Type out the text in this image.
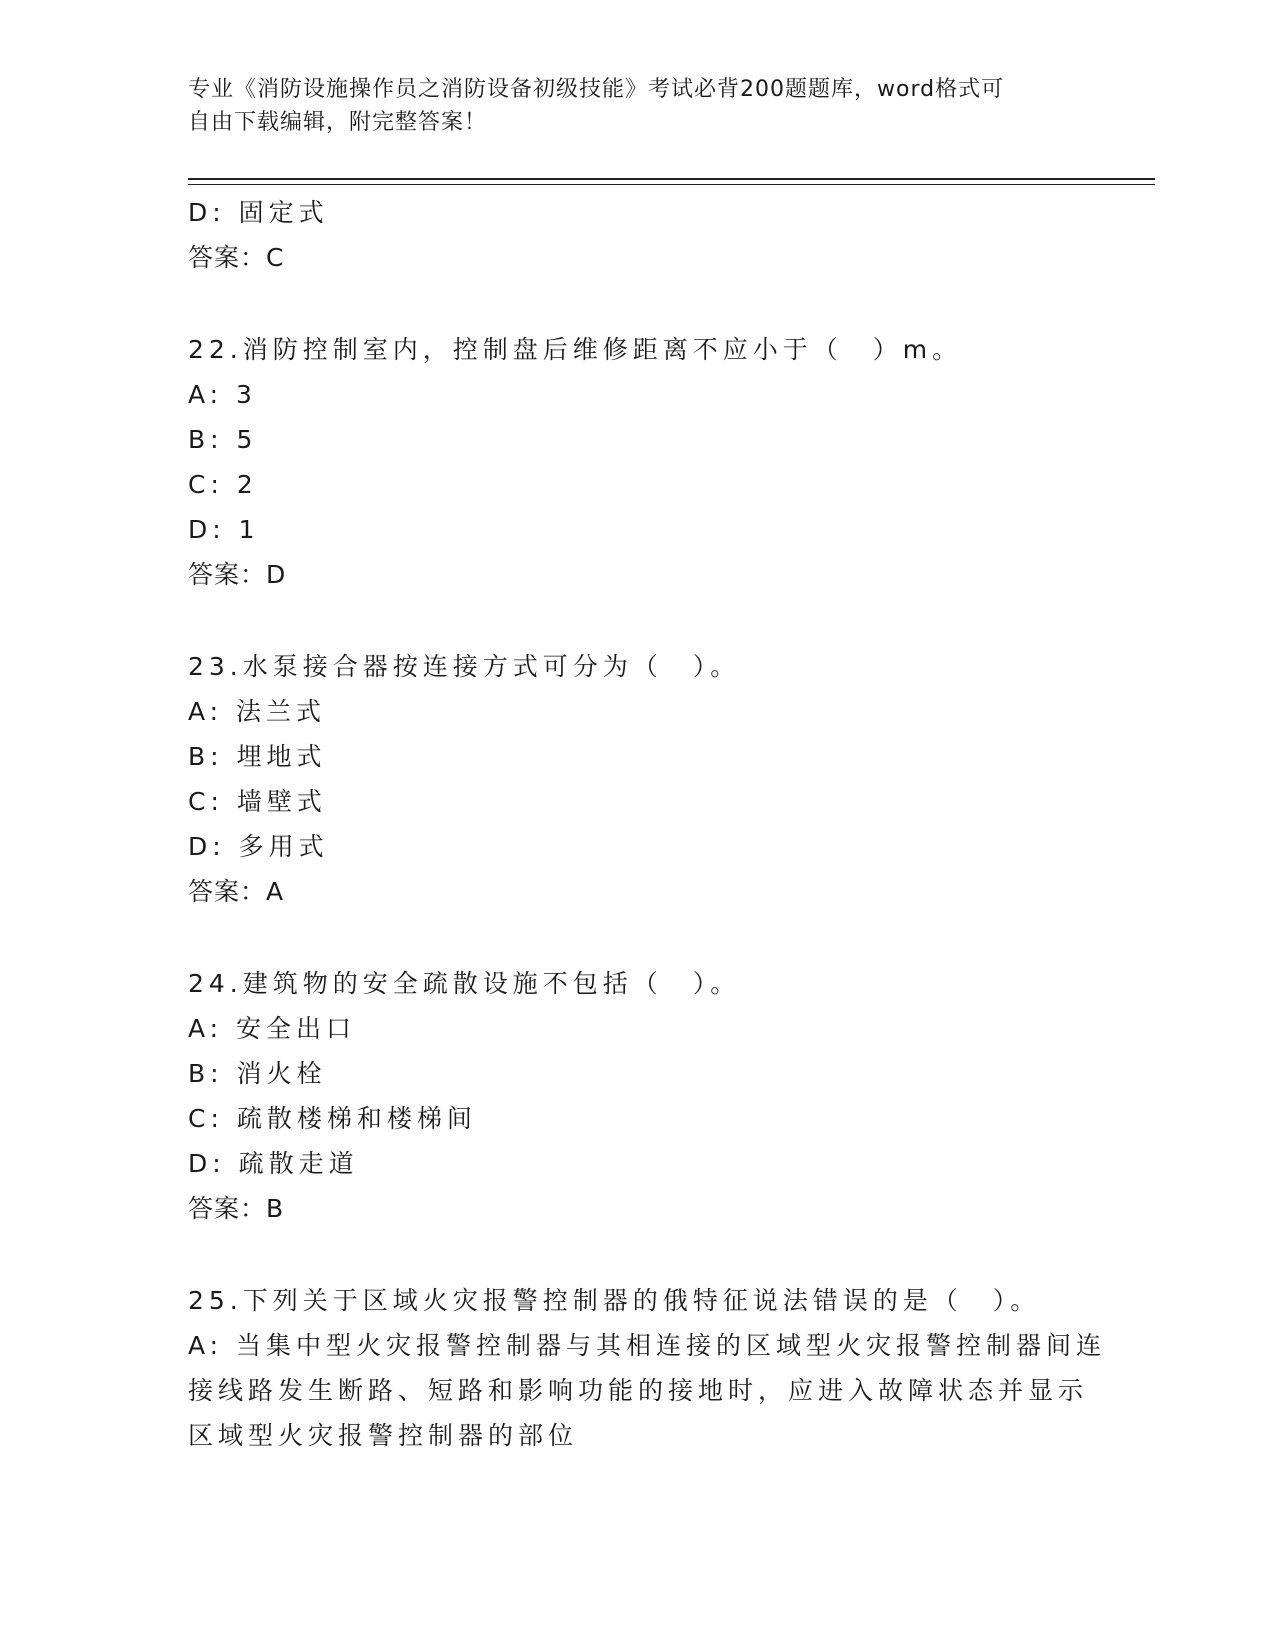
专业《消防设施操作员之消防设备初级技能》考试必背200题题库，word格式可
自由下载编辑，附完整答案！
D: 固定式
答案：C
22.消防控制室内，控制盘后维修距离不应小于（　）m。
A: 3
B: 5
C: 2
D: 1
答案：D
23.水泵接合器按连接方式可分为（　）。
A: 法兰式
B: 埋地式
C: 墙壁式
D: 多用式
答案：A
24.建筑物的安全疏散设施不包括（　）。
A: 安全出口
B: 消火栓
C: 疏散楼梯和楼梯间
D: 疏散走道
答案：B
25.下列关于区域火灾报警控制器的俄特征说法错误的是（　）。
A: 当集中型火灾报警控制器与其相连接的区域型火灾报警控制器间连
接线路发生断路、短路和影响功能的接地时，应进入故障状态并显示
区域型火灾报警控制器的部位
